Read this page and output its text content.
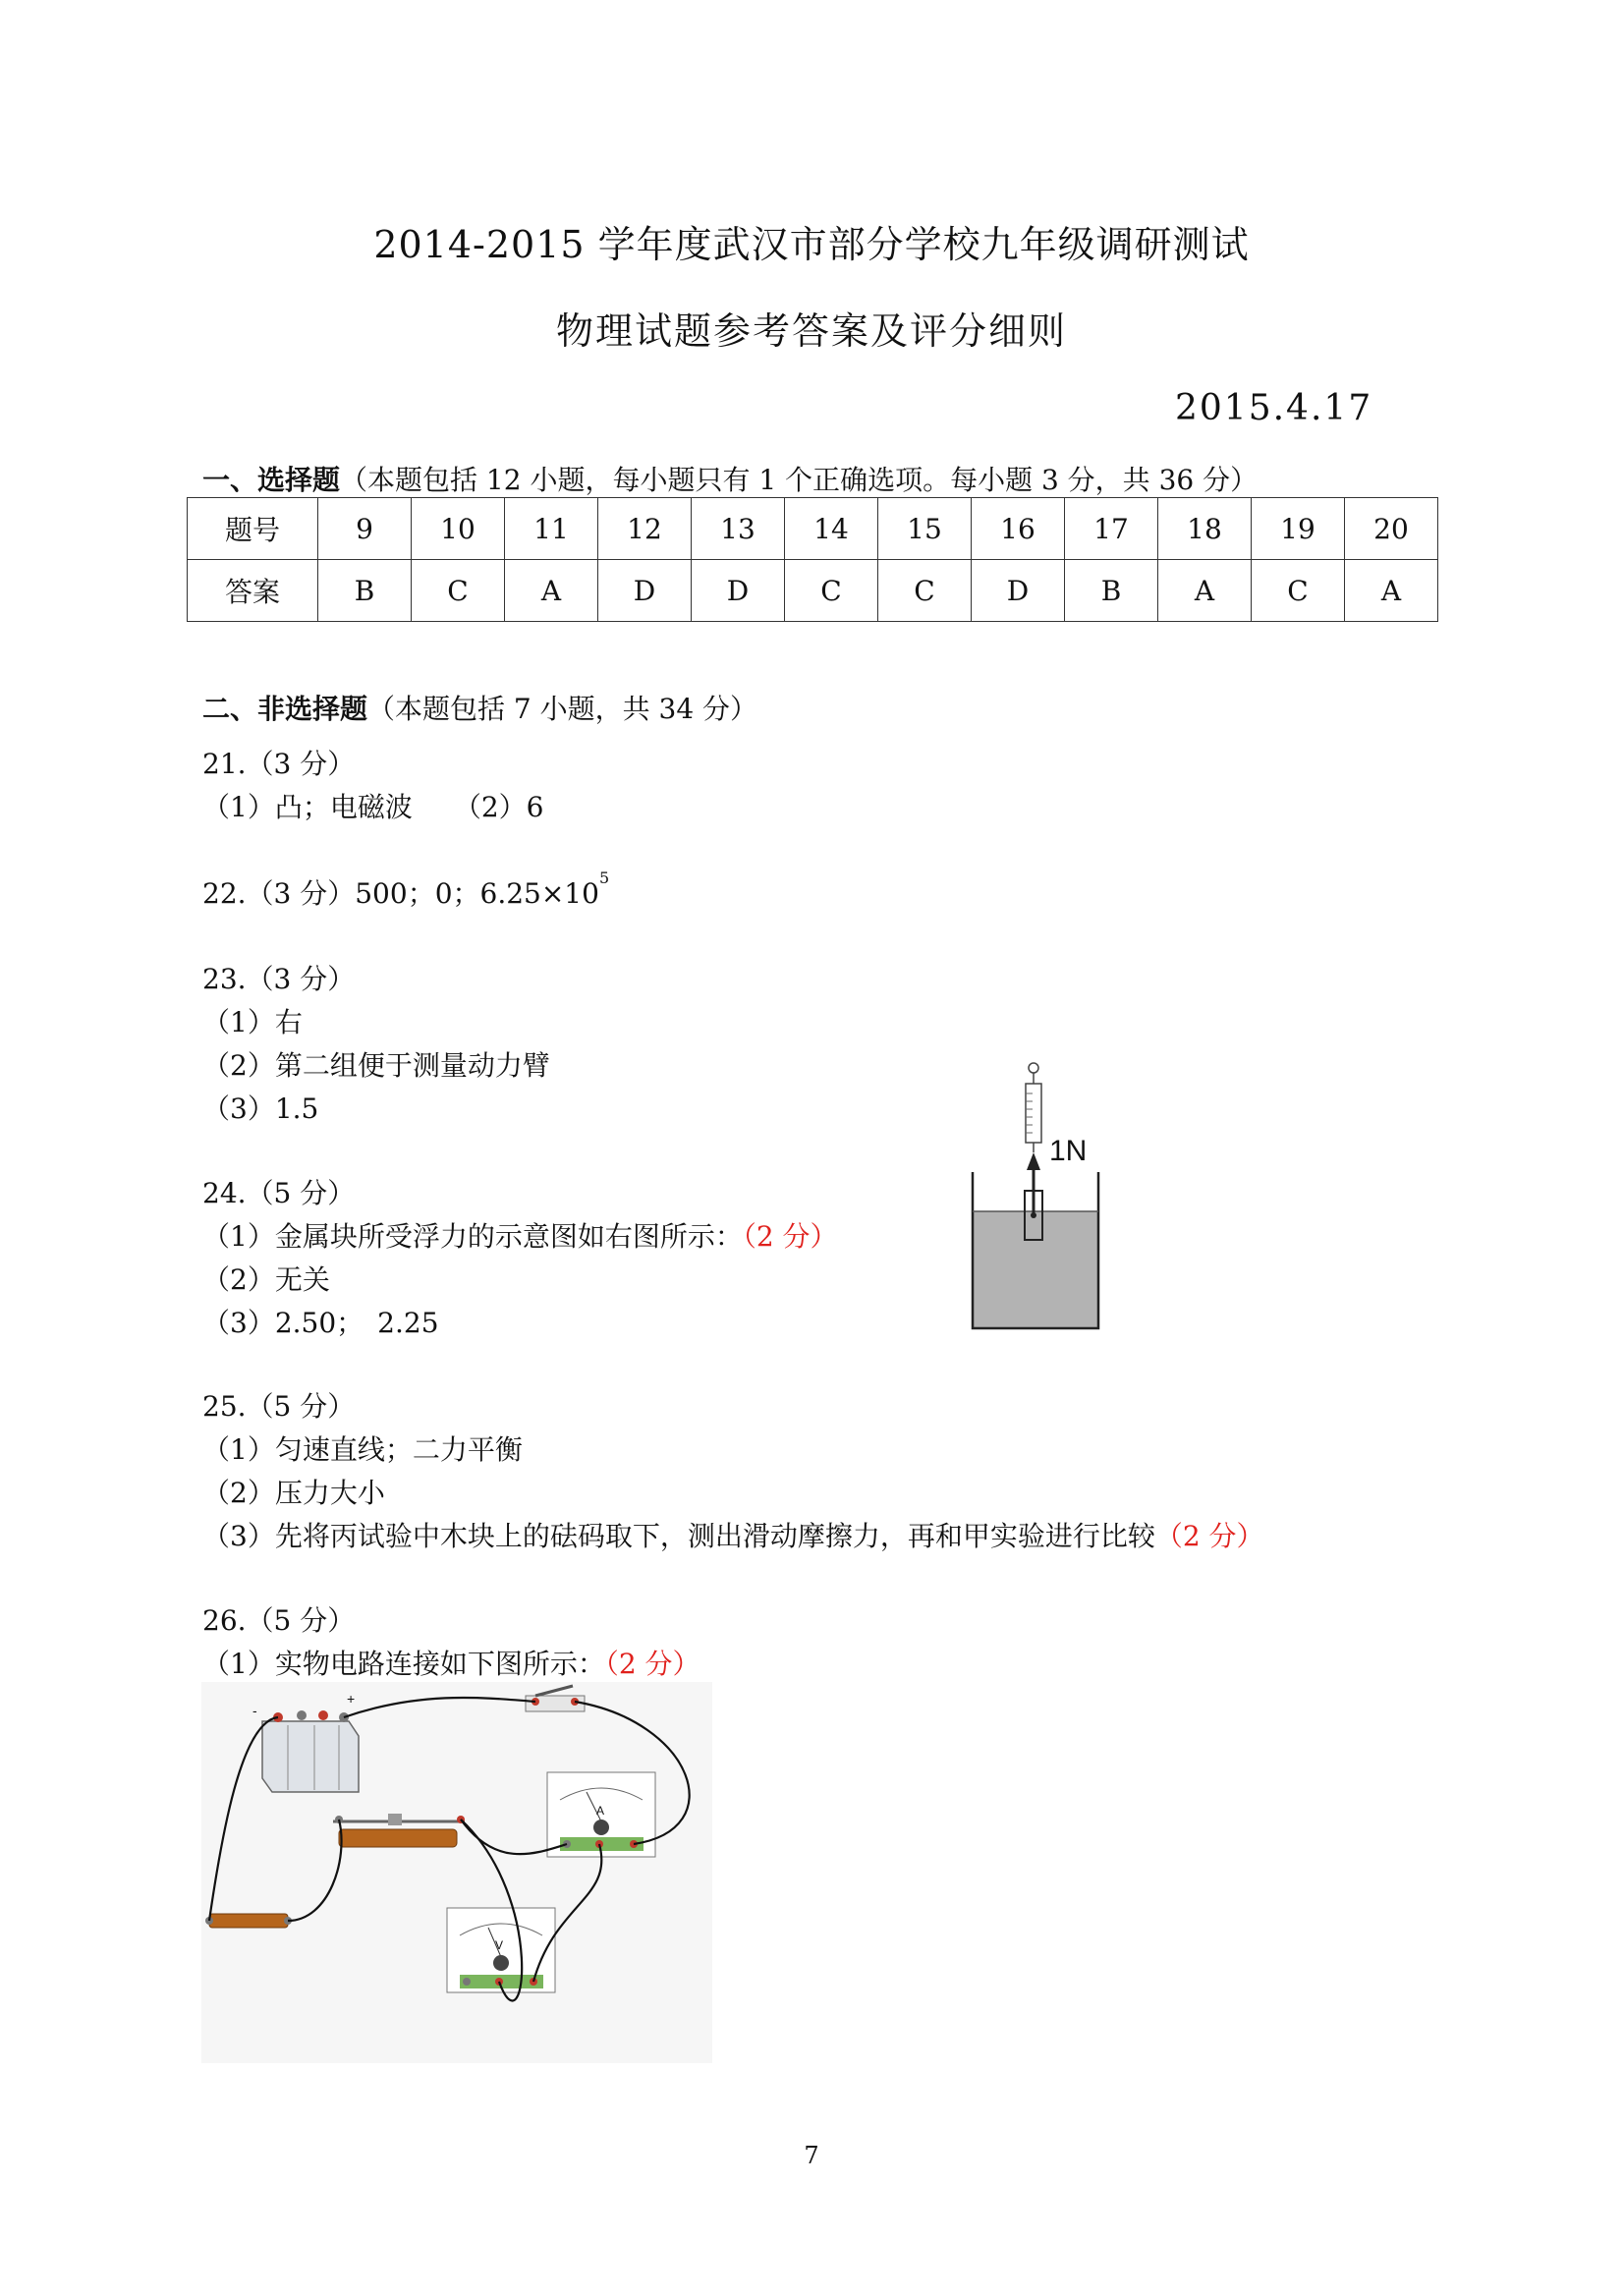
2014-2015 学年度武汉市部分学校九年级调研测试
物理试题参考答案及评分细则
2015.4.17
一、选择题（本题包括 12 小题，每小题只有 1 个正确选项。每小题 3 分，共 36 分）
题号	9	10	11	12	13	14	15	16	17	18	19	20
答案	B	C	A	D	D	C	C	D	B	A	C	A
二、非选择题（本题包括 7 小题，共 34 分）
21.（3 分）
（1）凸；电磁波　　（2）6
22.（3 分）500；0；$6.25\times 10^5$
23.（3 分）
（1）右
（2）第二组便于测量动力臂
（3）1.5
24.（5 分）
（1）金属块所受浮力的示意图如右图所示：（2 分）
（2）无关
（3）2.50；　2.25
1N
25.（5 分）
（1）匀速直线；二力平衡
（2）压力大小
（3）先将丙试验中木块上的砝码取下，测出滑动摩擦力，再和甲实验进行比较（2 分）
26.（5 分）
（1）实物电路连接如下图所示：（2 分）
-
+
A
V
7
